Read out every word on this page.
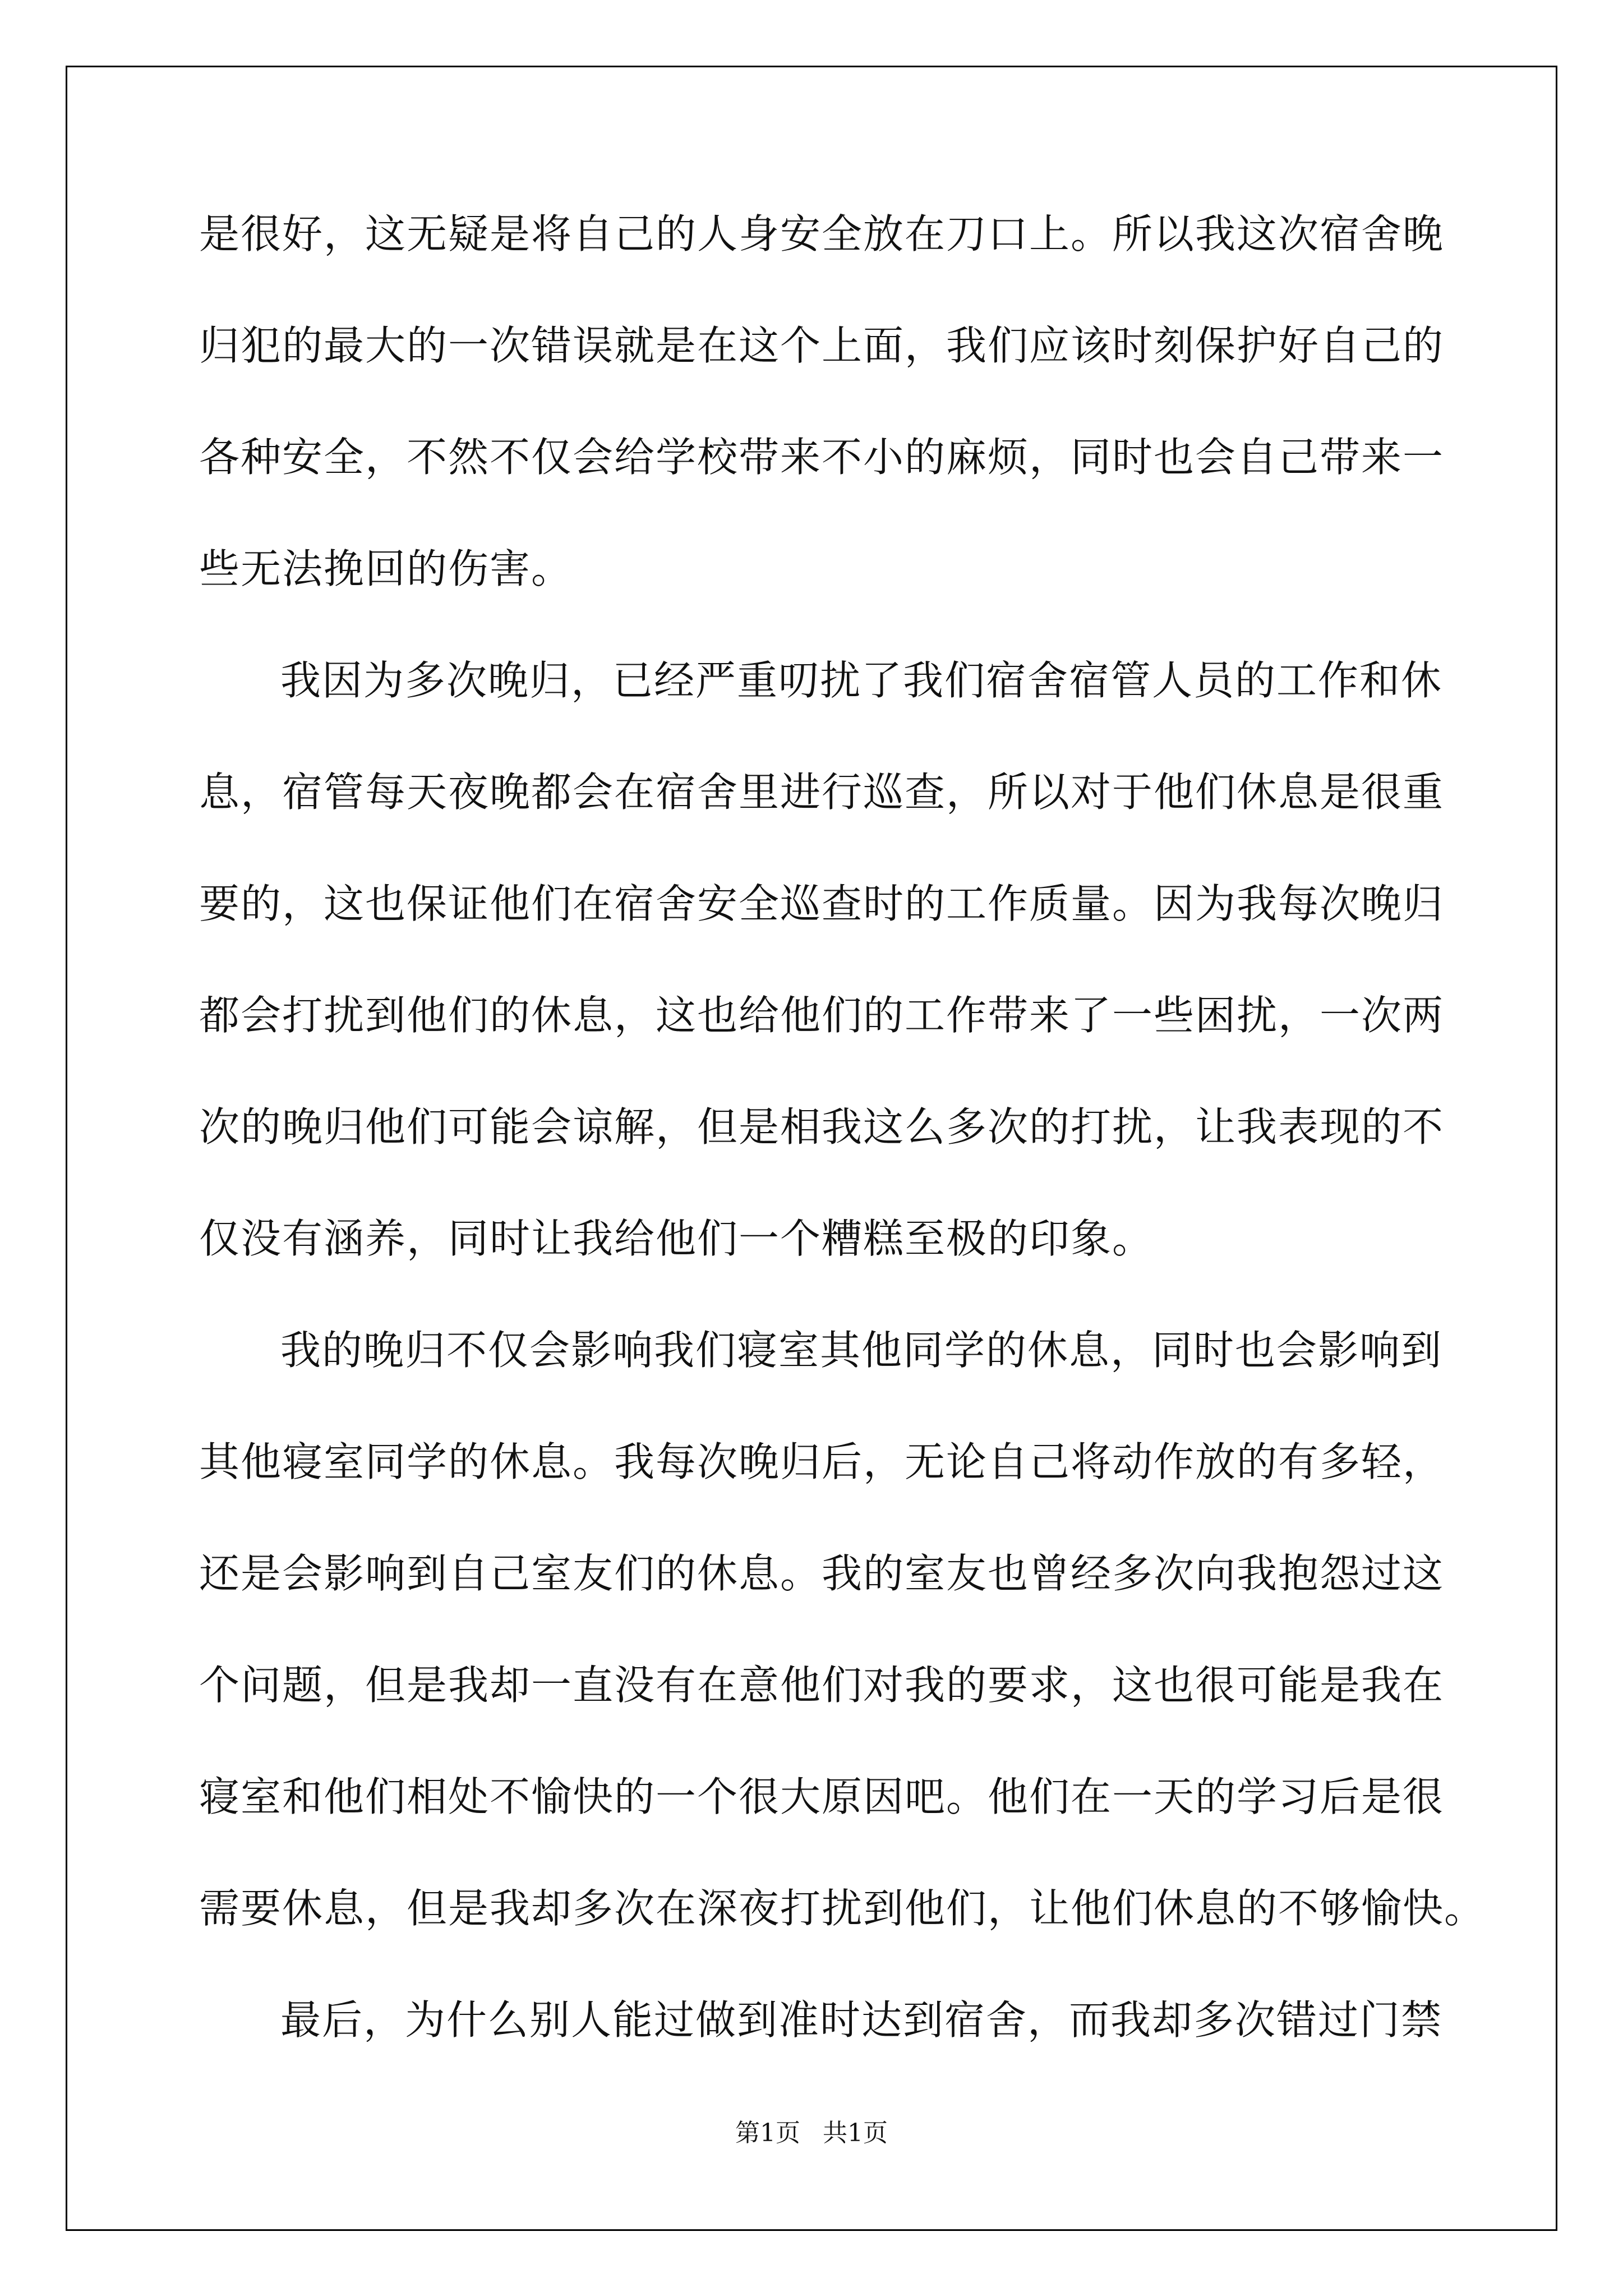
是很好，这无疑是将自己的人身安全放在刀口上。所以我这次宿舍晚
归犯的最大的一次错误就是在这个上面，我们应该时刻保护好自己的
各种安全，不然不仅会给学校带来不小的麻烦，同时也会自己带来一
些无法挽回的伤害。
我因为多次晚归，已经严重叨扰了我们宿舍宿管人员的工作和休
息，宿管每天夜晚都会在宿舍里进行巡查，所以对于他们休息是很重
要的，这也保证他们在宿舍安全巡查时的工作质量。因为我每次晚归
都会打扰到他们的休息，这也给他们的工作带来了一些困扰，一次两
次的晚归他们可能会谅解，但是相我这么多次的打扰，让我表现的不
仅没有涵养，同时让我给他们一个糟糕至极的印象。
我的晚归不仅会影响我们寝室其他同学的休息，同时也会影响到
其他寝室同学的休息。我每次晚归后，无论自己将动作放的有多轻，
还是会影响到自己室友们的休息。我的室友也曾经多次向我抱怨过这
个问题，但是我却一直没有在意他们对我的要求，这也很可能是我在
寝室和他们相处不愉快的一个很大原因吧。他们在一天的学习后是很
需要休息，但是我却多次在深夜打扰到他们，让他们休息的不够愉快。
最后，为什么别人能过做到准时达到宿舍，而我却多次错过门禁
第1页 共1页
